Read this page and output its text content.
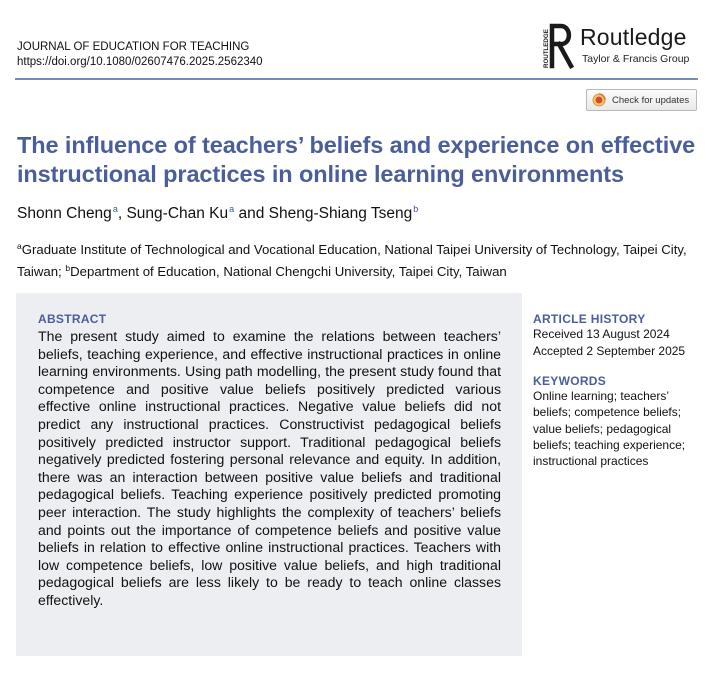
JOURNAL OF EDUCATION FOR TEACHING
https://doi.org/10.1080/02607476.2025.2562340	ROUTLEDGE Routledge
Taylor & Francis Group
Check for updates
The influence of teachers’ beliefs and experience on effective instructional practices in online learning environments
Shonn Cheng$^a$, Sung-Chan Ku$^a$ and Sheng-Shiang Tseng$^b$

$^a$Graduate Institute of Technological and Vocational Education, National Taipei University of Technology, Taipei City, Taiwan; $^b$Department of Education, National Chengchi University, Taipei City, Taiwan

ABSTRACT

The present study aimed to examine the relations between teachers’ beliefs, teaching experience, and effective instructional practices in online learning environments. Using path modelling, the present study found that competence and positive value beliefs positively predicted various effective online instructional practices. Negative value beliefs did not predict any instructional practices. Constructivist pedagogical beliefs positively predicted instructor support. Traditional pedagogical beliefs negatively predicted fostering personal relevance and equity. In addition, there was an interaction between positive value beliefs and traditional pedagogical beliefs. Teaching experience positively predicted promoting peer interaction. The study highlights the complexity of teachers’ beliefs and points out the importance of competence beliefs and positive value beliefs in relation to effective online instructional practices. Teachers with low competence beliefs, low positive value beliefs, and high traditional pedagogical beliefs are less likely to be ready to teach online classes effectively.

ARTICLE HISTORY
Received 13 August 2024
Accepted 2 September 2025
KEYWORDS
Online learning; teachers’ beliefs; competence beliefs; value beliefs; pedagogical beliefs; teaching experience; instructional practices
